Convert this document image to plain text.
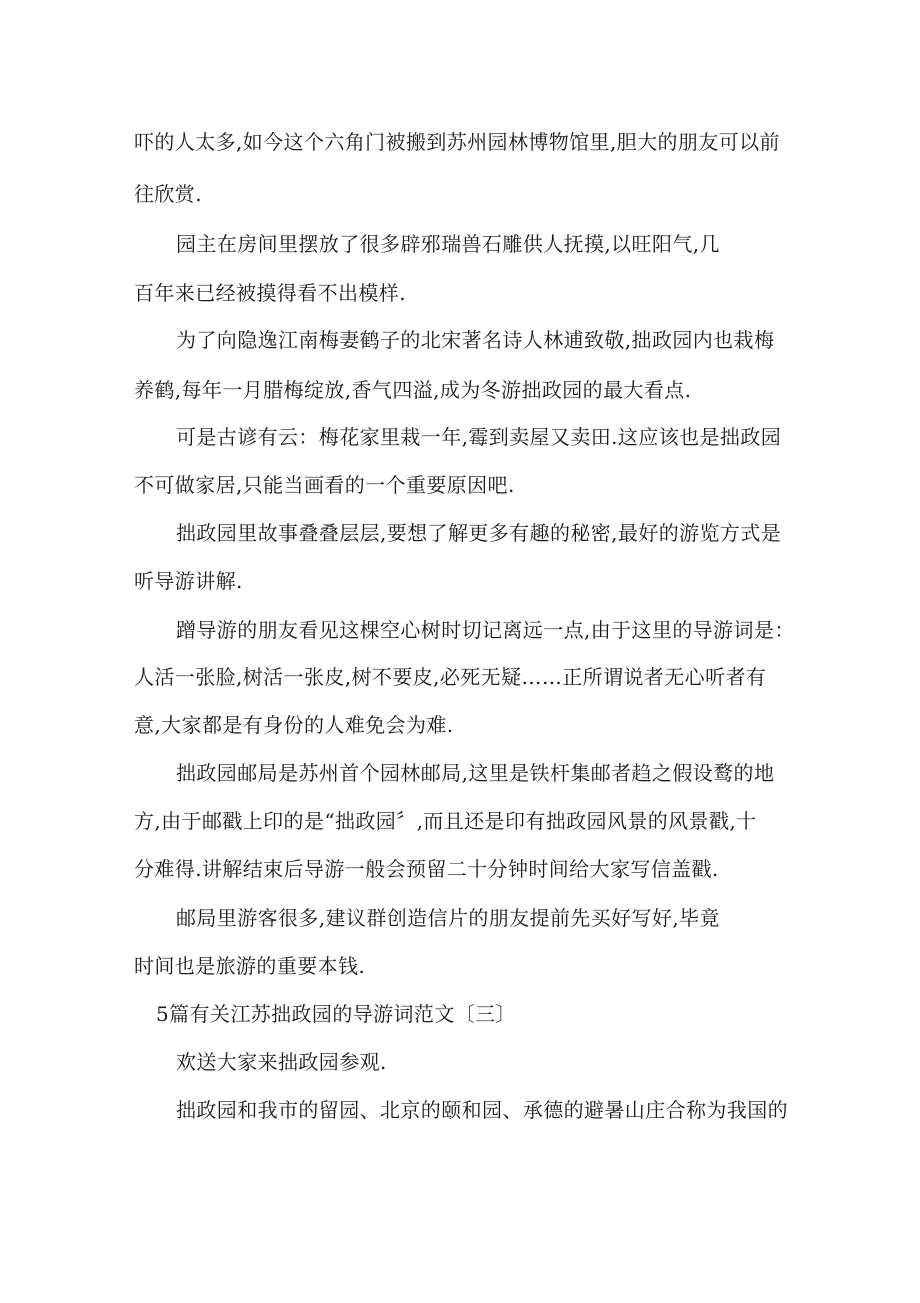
吓的人太多,如今这个六角门被搬到苏州园林博物馆里,胆大的朋友可以前
往欣赏.
园主在房间里摆放了很多辟邪瑞兽石雕供人抚摸,以旺阳气,几
百年来已经被摸得看不出模样.
为了向隐逸江南梅妻鹤子的北宋著名诗人林逋致敬,拙政园内也栽梅
养鹤,每年一月腊梅绽放,香气四溢,成为冬游拙政园的最大看点.
可是古谚有云：梅花家里栽一年,霉到卖屋又卖田.这应该也是拙政园
不可做家居,只能当画看的一个重要原因吧.
拙政园里故事叠叠层层,要想了解更多有趣的秘密,最好的游览方式是
听导游讲解.
蹭导游的朋友看见这棵空心树时切记离远一点,由于这里的导游词是：
人活一张脸,树活一张皮,树不要皮,必死无疑……正所谓说者无心听者有
意,大家都是有身份的人难免会为难.
拙政园邮局是苏州首个园林邮局,这里是铁杆集邮者趋之假设鹜的地
方,由于邮戳上印的是“拙政园〞,而且还是印有拙政园风景的风景戳,十
分难得.讲解结束后导游一般会预留二十分钟时间给大家写信盖戳.
邮局里游客很多,建议群创造信片的朋友提前先买好写好,毕竟
时间也是旅游的重要本钱.
5篇有关江苏拙政园的导游词范文〔三〕
欢送大家来拙政园参观.
拙政园和我市的留园、北京的颐和园、承德的避暑山庄合称为我国的
